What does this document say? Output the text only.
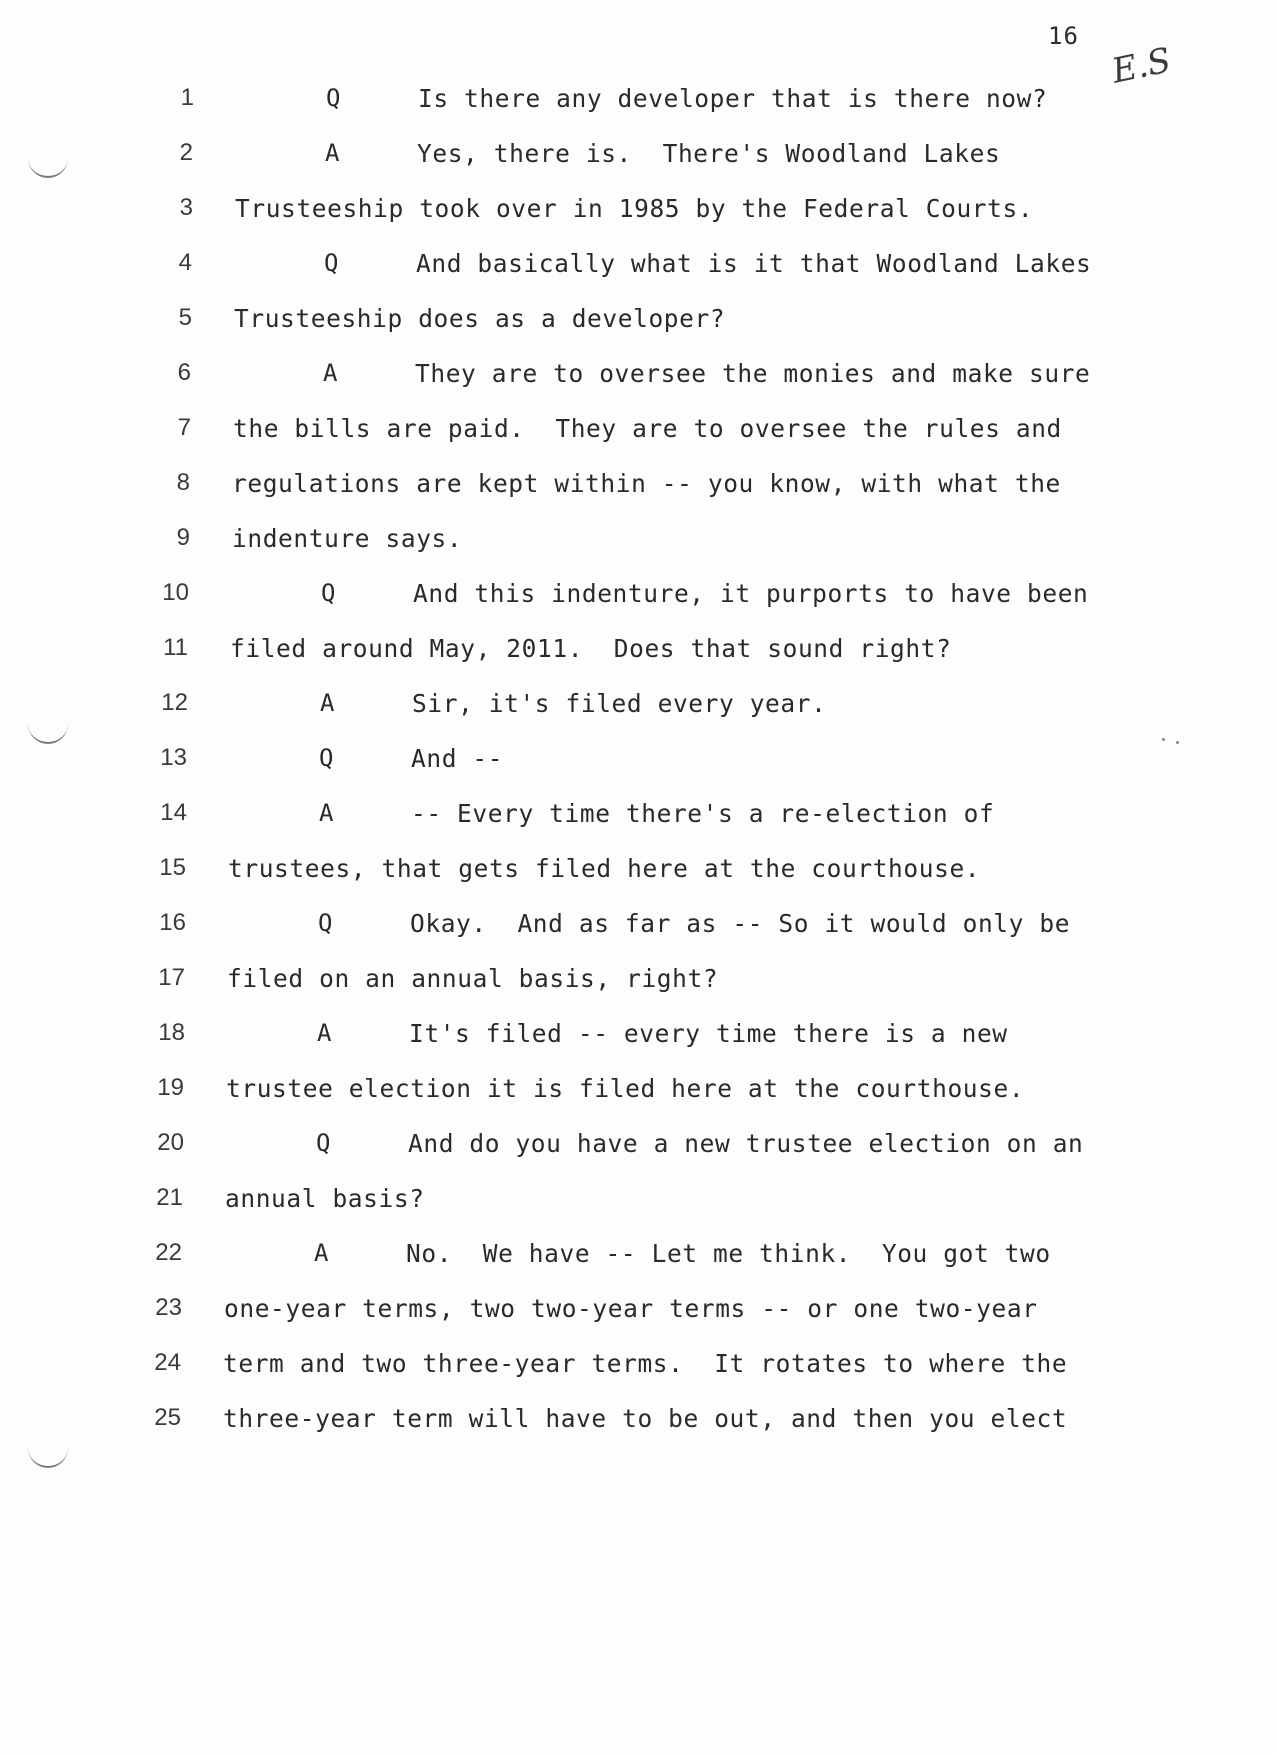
16
E.S
1	Q	Is there any developer that is there now?
2	A	Yes, there is.  There's Woodland Lakes
3 Trusteeship took over in 1985 by the Federal Courts.
4	Q	And basically what is it that Woodland Lakes
5 Trusteeship does as a developer?
6	A	They are to oversee the monies and make sure
7 the bills are paid.  They are to oversee the rules and
8 regulations are kept within -- you know, with what the
9 indenture says.
10	Q	And this indenture, it purports to have been
11 filed around May, 2011.  Does that sound right?
12	A	Sir, it's filed every year.
13	Q	And --
14	A	-- Every time there's a re-election of
15 trustees, that gets filed here at the courthouse.
16	Q	Okay.  And as far as -- So it would only be
17 filed on an annual basis, right?
18	A	It's filed -- every time there is a new
19 trustee election it is filed here at the courthouse.
20	Q	And do you have a new trustee election on an
21 annual basis?
22	A	No.  We have -- Let me think.  You got two
23 one-year terms, two two-year terms -- or one two-year
24 term and two three-year terms.  It rotates to where the
25 three-year term will have to be out, and then you elect
